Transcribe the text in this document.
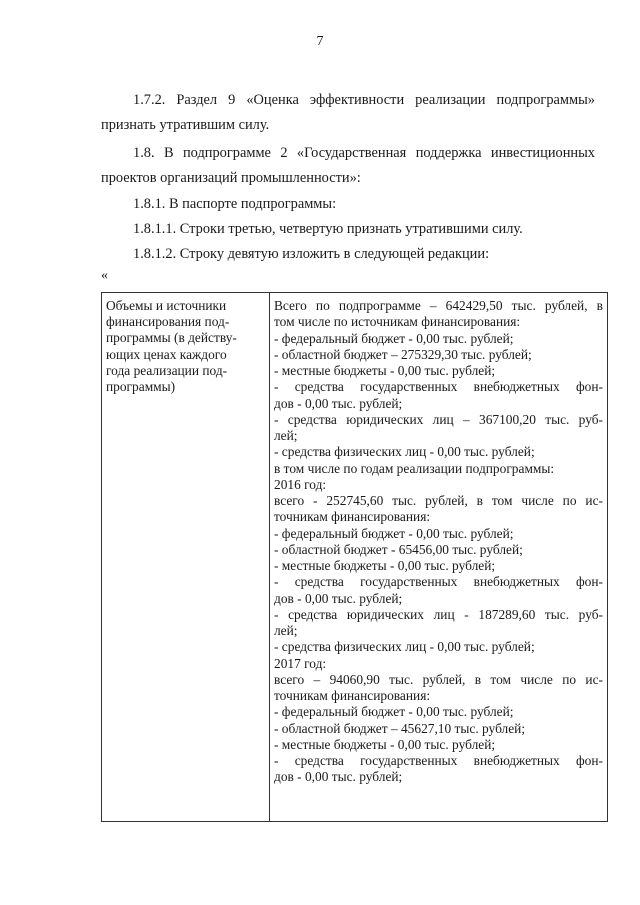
7

1.7.2. Раздел 9 «Оценка эффективности реализации подпрограммы» признать утратившим силу.

1.8. В подпрограмме 2 «Государственная поддержка инвестиционных проектов организаций промышленности»:

1.8.1. В паспорте подпрограммы:

1.8.1.1. Строки третью, четвертую признать утратившими силу.

1.8.1.2. Строку девятую изложить в следующей редакции:

«
Объемы и источники
финансирования под-
программы (в действу-
ющих ценах каждого
года реализации под-
программы)
Всего по подпрограмме – 642429,50 тыс. рублей, в
том числе по источникам финансирования:
- федеральный бюджет - 0,00 тыс. рублей;
- областной бюджет – 275329,30 тыс. рублей;
- местные бюджеты - 0,00 тыс. рублей;
- средства государственных внебюджетных фон-
дов - 0,00 тыс. рублей;
- средства юридических лиц – 367100,20 тыс. руб-
лей;
- средства физических лиц - 0,00 тыс. рублей;
в том числе по годам реализации подпрограммы:
2016 год:
всего - 252745,60 тыс. рублей, в том числе по ис-
точникам финансирования:
- федеральный бюджет - 0,00 тыс. рублей;
- областной бюджет - 65456,00 тыс. рублей;
- местные бюджеты - 0,00 тыс. рублей;
- средства государственных внебюджетных фон-
дов - 0,00 тыс. рублей;
- средства юридических лиц - 187289,60 тыс. руб-
лей;
- средства физических лиц - 0,00 тыс. рублей;
2017 год:
всего – 94060,90 тыс. рублей, в том числе по ис-
точникам финансирования:
- федеральный бюджет - 0,00 тыс. рублей;
- областной бюджет – 45627,10 тыс. рублей;
- местные бюджеты - 0,00 тыс. рублей;
- средства государственных внебюджетных фон-
дов - 0,00 тыс. рублей;
